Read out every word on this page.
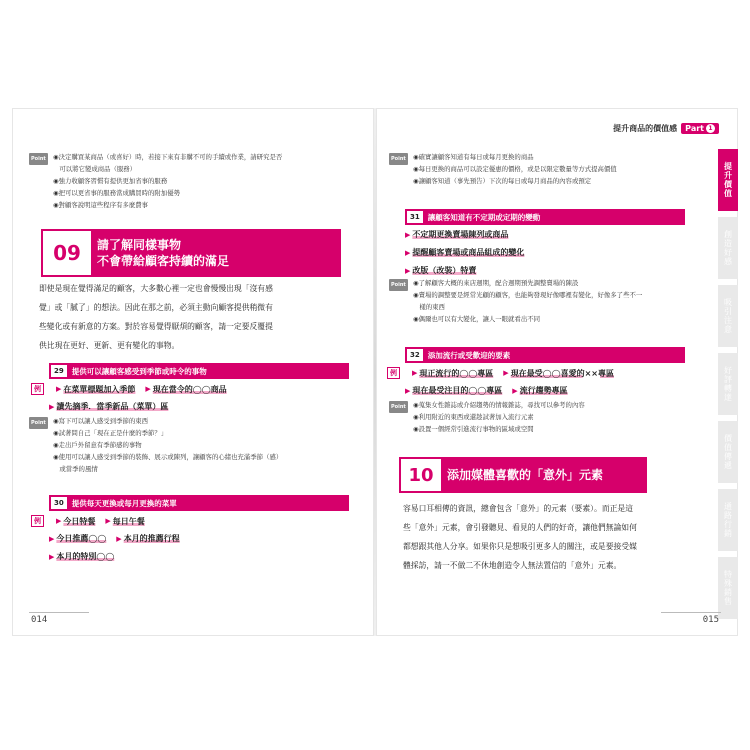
Point	◉決定購買某商品（或喜好）時，若接下來有非購不可的手續或作業，請研究是否
　可以將它變成商品（服務）
◉強力收顧客習慣有提供更加省事的服務
◉把可以更省事的服務當成購買時的附加優勢
◉對顧客說明這些程序有多麼費事
09	請了解同樣事物
不會帶給顧客持續的滿足
即使是現在覺得滿足的顧客，大多數心裡一定也會慢慢出現「沒有感
覺」或「膩了」的想法。因此在那之前，必須主動向顧客提供稍微有
些變化或有新意的方案。對於容易覺得厭煩的顧客，請一定要反覆提
供比現在更好、更新、更有變化的事物。
29	提供可以讓顧客感受到季節或時令的事物
例	▶ 在菜單標題加入季節 ▶ 現在當令的◯◯商品
▶ 讀先摘季．當季新品（菜單）區
Point	◉寫下可以讓人感受到季節的東西
◉試著問自己「現在正是什麼的季節？」
◉走出戶外留意有季節感的事物
◉使用可以讓人感受到季節的裝飾、展示或陳列，讓顧客的心緒也充滿季節（感）
　或當季的風情
30	提供每天更換或每月更換的菜單
例	▶ 今日特餐 ▶ 每日午餐
▶ 今日推薦◯◯ ▶ 本月的推薦行程
▶ 本月的特別◯◯
014
提升商品的價值感 Part 1
提升價值
創造好感
吸引注意
好評轉達
價值傳遞
通路行銷
特殊銷售
Point	◉確實讓顧客知道有每日或每月更換的商品
◉每日更換的商品可以設定優惠的價格，或是以限定數量等方式提高價值
◉讓顧客知道（事先預告）下次的每日或每月商品的內容或預定
31	讓顧客知道有不定期或定期的變動
▶ 不定期更換賣場陳列或商品
▶ 提醒顧客賣場或商品組成的變化
▶ 改版（改裝）特賣
Point	◉了解顧客大概的來店週期，配合週期預先調整賣場的陳設
◉賣場的調整要是經常光顧的顧客，也能夠發現好像哪裡有變化，好像多了些不一
　樣的東西
◉偶爾也可以有大變化，讓人一眼就看出不同
32	添加流行或受歡迎的要素
例	▶ 現正流行的◯◯專區 ▶ 現在最受◯◯喜愛的××專區
▶ 現在最受注目的◯◯專區 ▶ 流行趨勢專區
Point	◉蒐集女性雜誌或介紹趨勢的情報雜誌，尋找可以參考的內容
◉利用附近的東西或還趁試著加入流行元素
◉設置一個經常引進流行事物的區域或空間
10	添加媒體喜歡的「意外」元素
容易口耳相傳的資訊，總會包含「意外」的元素（要素）。而正是這
些「意外」元素，會引發聽見、看見的人們的好奇，讓他們無論如何
都想跟其他人分享。如果你只是想吸引更多人的關注，或是要接受媒
體採訪，請一不做二不休地創造令人無法置信的「意外」元素。
015
